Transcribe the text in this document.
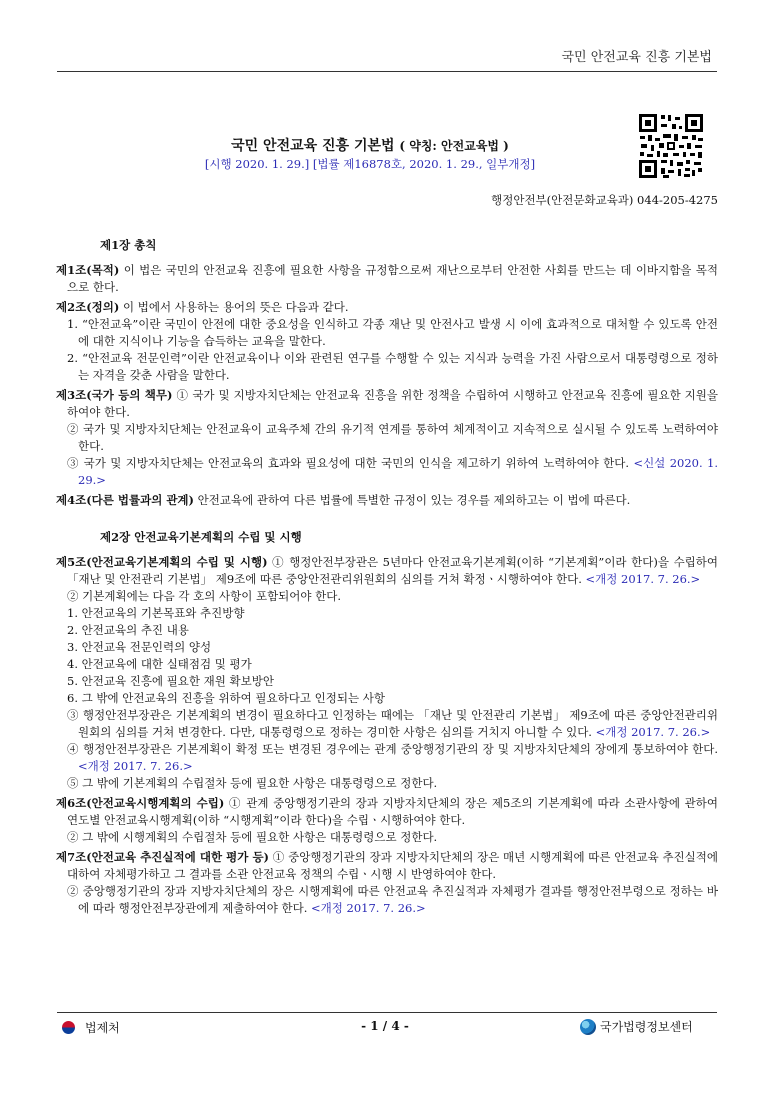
국민 안전교육 진흥 기본법
국민 안전교육 진흥 기본법 ( 약칭: 안전교육법 )
[시행 2020. 1. 29.] [법률 제16878호, 2020. 1. 29., 일부개정]
행정안전부(안전문화교육과) 044-205-4275
제1장 총칙
제1조(목적) 이 법은 국민의 안전교육 진흥에 필요한 사항을 규정함으로써 재난으로부터 안전한 사회를 만드는 데 이바지함을 목적으로 한다.
제2조(정의) 이 법에서 사용하는 용어의 뜻은 다음과 같다.
1. “안전교육”이란 국민이 안전에 대한 중요성을 인식하고 각종 재난 및 안전사고 발생 시 이에 효과적으로 대처할 수 있도록 안전에 대한 지식이나 기능을 습득하는 교육을 말한다.
2. “안전교육 전문인력”이란 안전교육이나 이와 관련된 연구를 수행할 수 있는 지식과 능력을 가진 사람으로서 대통령령으로 정하는 자격을 갖춘 사람을 말한다.
제3조(국가 등의 책무) ① 국가 및 지방자치단체는 안전교육 진흥을 위한 정책을 수립하여 시행하고 안전교육 진흥에 필요한 지원을 하여야 한다.
② 국가 및 지방자치단체는 안전교육이 교육주체 간의 유기적 연계를 통하여 체계적이고 지속적으로 실시될 수 있도록 노력하여야 한다.
③ 국가 및 지방자치단체는 안전교육의 효과와 필요성에 대한 국민의 인식을 제고하기 위하여 노력하여야 한다. <신설 2020. 1. 29.>
제4조(다른 법률과의 관계) 안전교육에 관하여 다른 법률에 특별한 규정이 있는 경우를 제외하고는 이 법에 따른다.
제2장 안전교육기본계획의 수립 및 시행
제5조(안전교육기본계획의 수립 및 시행) ① 행정안전부장관은 5년마다 안전교육기본계획(이하 “기본계획”이라 한다)을 수립하여 「재난 및 안전관리 기본법」 제9조에 따른 중앙안전관리위원회의 심의를 거쳐 확정ㆍ시행하여야 한다. <개정 2017. 7. 26.>
② 기본계획에는 다음 각 호의 사항이 포함되어야 한다.
1. 안전교육의 기본목표와 추진방향
2. 안전교육의 추진 내용
3. 안전교육 전문인력의 양성
4. 안전교육에 대한 실태점검 및 평가
5. 안전교육 진흥에 필요한 재원 확보방안
6. 그 밖에 안전교육의 진흥을 위하여 필요하다고 인정되는 사항
③ 행정안전부장관은 기본계획의 변경이 필요하다고 인정하는 때에는 「재난 및 안전관리 기본법」 제9조에 따른 중앙안전관리위원회의 심의를 거쳐 변경한다. 다만, 대통령령으로 정하는 경미한 사항은 심의를 거치지 아니할 수 있다. <개정 2017. 7. 26.>
④ 행정안전부장관은 기본계획이 확정 또는 변경된 경우에는 관계 중앙행정기관의 장 및 지방자치단체의 장에게 통보하여야 한다. <개정 2017. 7. 26.>
⑤ 그 밖에 기본계획의 수립절차 등에 필요한 사항은 대통령령으로 정한다.
제6조(안전교육시행계획의 수립) ① 관계 중앙행정기관의 장과 지방자치단체의 장은 제5조의 기본계획에 따라 소관사항에 관하여 연도별 안전교육시행계획(이하 “시행계획”이라 한다)을 수립ㆍ시행하여야 한다.
② 그 밖에 시행계획의 수립절차 등에 필요한 사항은 대통령령으로 정한다.
제7조(안전교육 추진실적에 대한 평가 등) ① 중앙행정기관의 장과 지방자치단체의 장은 매년 시행계획에 따른 안전교육 추진실적에 대하여 자체평가하고 그 결과를 소관 안전교육 정책의 수립ㆍ시행 시 반영하여야 한다.
② 중앙행정기관의 장과 지방자치단체의 장은 시행계획에 따른 안전교육 추진실적과 자체평가 결과를 행정안전부령으로 정하는 바에 따라 행정안전부장관에게 제출하여야 한다. <개정 2017. 7. 26.>
법제처	- 1 / 4 -	국가법령정보센터
